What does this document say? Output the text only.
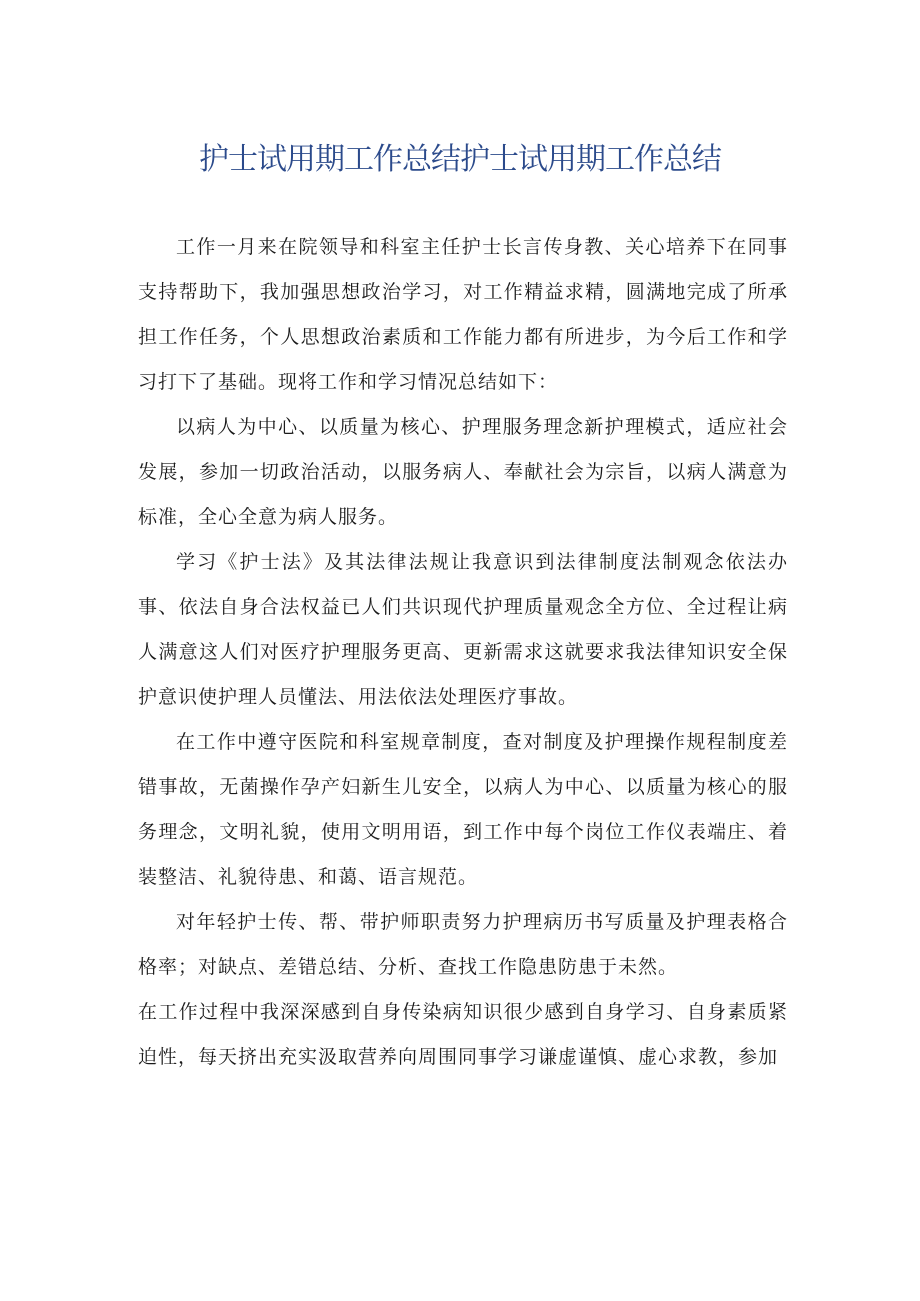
护士试用期工作总结护士试用期工作总结

工作一月来在院领导和科室主任护士长言传身教、关心培养下在同事支持帮助下，我加强思想政治学习，对工作精益求精，圆满地完成了所承担工作任务，个人思想政治素质和工作能力都有所进步，为今后工作和学习打下了基础。现将工作和学习情况总结如下：

以病人为中心、以质量为核心、护理服务理念新护理模式，适应社会发展，参加一切政治活动，以服务病人、奉献社会为宗旨，以病人满意为标准，全心全意为病人服务。

学习《护士法》及其法律法规让我意识到法律制度法制观念依法办事、依法自身合法权益已人们共识现代护理质量观念全方位、全过程让病人满意这人们对医疗护理服务更高、更新需求这就要求我法律知识安全保护意识使护理人员懂法、用法依法处理医疗事故。

在工作中遵守医院和科室规章制度，查对制度及护理操作规程制度差错事故，无菌操作孕产妇新生儿安全，以病人为中心、以质量为核心的服务理念，文明礼貌，使用文明用语，到工作中每个岗位工作仪表端庄、着装整洁、礼貌待患、和蔼、语言规范。

对年轻护士传、帮、带护师职责努力护理病历书写质量及护理表格合格率；对缺点、差错总结、分析、查找工作隐患防患于未然。

在工作过程中我深深感到自身传染病知识很少感到自身学习、自身素质紧迫性，每天挤出充实汲取营养向周围同事学习谦虚谨慎、虚心求教，参加
